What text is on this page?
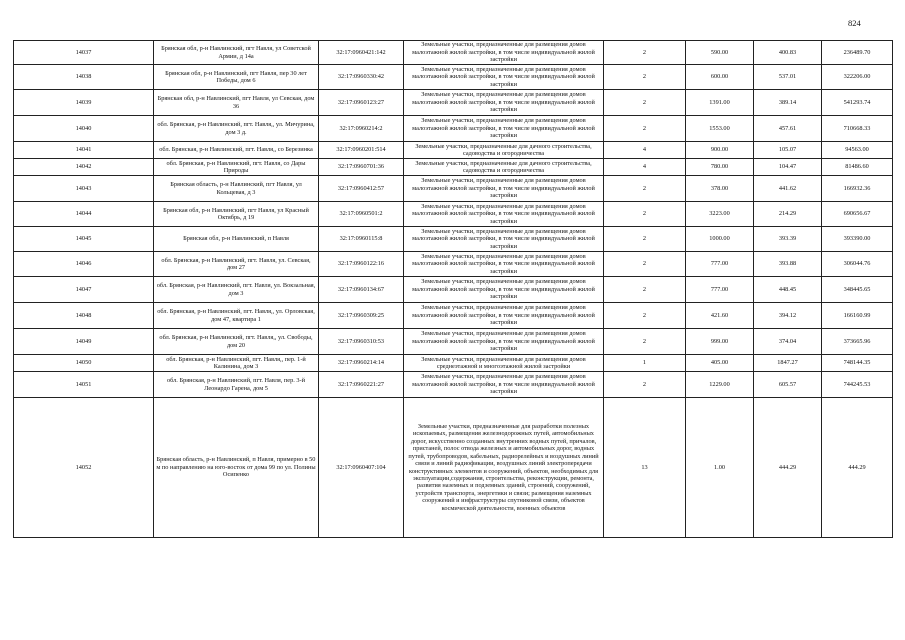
824
14037	Брянская обл, р-н Навлинский, пгт Навля, ул Советской Армии, д 14а	32:17:0960421:142	Земельные участки, предназначенные для размещения домов малоэтажной жилой застройки, в том числе индивидуальной жилой застройки	2	590.00	400.83	236489.70
14038	Брянская обл, р-н Навлинский, пгт Навля, пер 30 лет Победы, дом 6	32:17:0960330:42	Земельные участки, предназначенные для размещения домов малоэтажной жилой застройки, в том числе индивидуальной жилой застройки	2	600.00	537.01	322206.00
14039	Брянская обл, р-н Навлинский, пгт Навля, ул Севская, дом 36	32:17:0960123:27	Земельные участки, предназначенные для размещения домов малоэтажной жилой застройки, в том числе индивидуальной жилой застройки	2	1391.00	389.14	541293.74
14040	обл. Брянская, р-н Навлинский, пгт. Навля,, ул. Мичурина, дом 3 д.	32:17:0960214:2	Земельные участки, предназначенные для размещения домов малоэтажной жилой застройки, в том числе индивидуальной жилой застройки	2	1553.00	457.61	710668.33
14041	обл. Брянская, р-н Навлинский, пгт. Навля,, со Березинка	32:17:0960201:514	Земельные участки, предназначенные для дачного строительства, садоводства и огородничества	4	900.00	105.07	94563.00
14042	обл. Брянская, р-н Навлинский, пгт. Навля, со Дары Природы	32:17:0960701:36	Земельные участки, предназначенные для дачного строительства, садоводства и огородничества	4	780.00	104.47	81486.60
14043	Брянская область, р-н Навлинский, пгт Навля, ул Кольцевая, д 3	32:17:0960412:57	Земельные участки, предназначенные для размещения домов малоэтажной жилой застройки, в том числе индивидуальной жилой застройки	2	378.00	441.62	166932.36
14044	Брянская обл, р-н Навлинский, пгт Навля, ул Красный Октябрь, д 19	32:17:0960501:2	Земельные участки, предназначенные для размещения домов малоэтажной жилой застройки, в том числе индивидуальной жилой застройки	2	3223.00	214.29	690656.67
14045	Брянская обл, р-н Навлинский, п Навля	32:17:0960115:8	Земельные участки, предназначенные для размещения домов малоэтажной жилой застройки, в том числе индивидуальной жилой застройки	2	1000.00	393.39	393390.00
14046	обл. Брянская, р-н Навлинский, пгт. Навля, ул. Севская, дом 27	32:17:0960122:16	Земельные участки, предназначенные для размещения домов малоэтажной жилой застройки, в том числе индивидуальной жилой застройки	2	777.00	393.88	306044.76
14047	обл. Брянская, р-н Навлинский, пгт. Навля, ул. Вокзальная, дом 3	32:17:0960134:67	Земельные участки, предназначенные для размещения домов малоэтажной жилой застройки, в том числе индивидуальной жилой застройки	2	777.00	448.45	348445.65
14048	обл. Брянская, р-н Навлинский, пгт. Навля,, ул. Орловская, дом 47, квартира 1	32:17:0960309:25	Земельные участки, предназначенные для размещения домов малоэтажной жилой застройки, в том числе индивидуальной жилой застройки	2	421.60	394.12	166160.99
14049	обл. Брянская, р-н Навлинский, пгт. Навля,, ул. Свободы, дом 20	32:17:0960310:53	Земельные участки, предназначенные для размещения домов малоэтажной жилой застройки, в том числе индивидуальной жилой застройки	2	999.00	374.04	373665.96
14050	обл. Брянская, р-н Навлинский, пгт. Навля,, пер. 1-й Калинина, дом 3	32:17:0960214:14	Земельные участки, предназначенные для размещения домов среднеэтажной и многоэтажной жилой застройки	1	405.00	1847.27	748144.35
14051	обл. Брянская, р-н Навлинский, пгт. Навля, пер. 3-й Леонардо Гарена, дом 5	32:17:0960221:27	Земельные участки, предназначенные для размещения домов малоэтажной жилой застройки, в том числе индивидуальной жилой застройки	2	1229.00	605.57	744245.53
14052	Брянская область, р-н Навлинский, п Навля, примерно в 50 м по направлению на юго-восток от дома 99 по ул. Полины Осипенко	32:17:0960407:104	Земельные участки, предназначенные для разработки полезных ископаемых, размещения железнодорожных путей, автомобильных дорог, искусственно созданных внутренних водных путей, причалов, пристаней, полос отвода железных и автомобильных дорог, водных путей, трубопроводов, кабельных, радиорелейных и воздушных линий связи и линий радиофикации, воздушных линий электропередачи конструктивных элементов и сооружений, объектов, необходимых для эксплуатации,содержания, строительства, реконструкции, ремонта, развития наземных и подземных зданий, строений, сооружений, устройств транспорта, энергетики и связи; размещения наземных сооружений и инфраструктуры спутниковой связи, объектов космической деятельности, военных объектов	13	1.00	444.29	444.29
